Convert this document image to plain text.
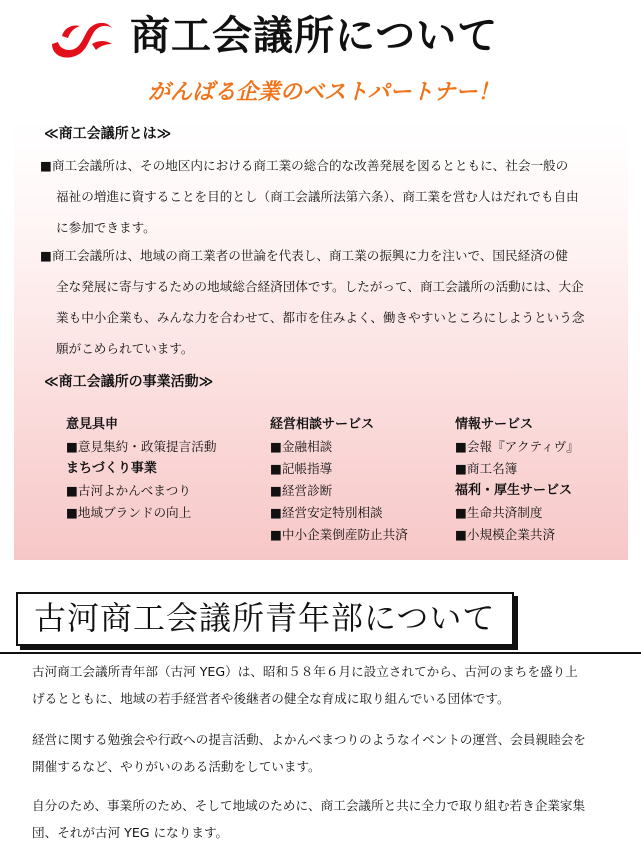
商工会議所について
がんばる企業のベストパートナー！
≪商工会議所とは≫
■商工会議所は、その地区内における商工業の総合的な改善発展を図るとともに、社会一般の
福祉の増進に資することを目的とし（商工会議所法第六条）、商工業を営む人はだれでも自由
に参加できます。
■商工会議所は、地域の商工業者の世論を代表し、商工業の振興に力を注いで、国民経済の健
全な発展に寄与するための地域総合経済団体です。したがって、商工会議所の活動には、大企
業も中小企業も、みんな力を合わせて、都市を住みよく、働きやすいところにしようという念
願がこめられています。
≪商工会議所の事業活動≫
意見具申
■意見集約・政策提言活動
まちづくり事業
■古河よかんべまつり
■地域ブランドの向上
経営相談サービス
■金融相談
■記帳指導
■経営診断
■経営安定特別相談
■中小企業倒産防止共済
情報サービス
■会報『アクティヴ』
■商工名簿
福利・厚生サービス
■生命共済制度
■小規模企業共済
古河商工会議所青年部について
古河商工会議所青年部（古河 YEG）は、昭和５８年６月に設立されてから、古河のまちを盛り上
げるとともに、地域の若手経営者や後継者の健全な育成に取り組んでいる団体です。
経営に関する勉強会や行政への提言活動、よかんべまつりのようなイベントの運営、会員親睦会を
開催するなど、やりがいのある活動をしています。
自分のため、事業所のため、そして地域のために、商工会議所と共に全力で取り組む若き企業家集
団、それが古河 YEG になります。
